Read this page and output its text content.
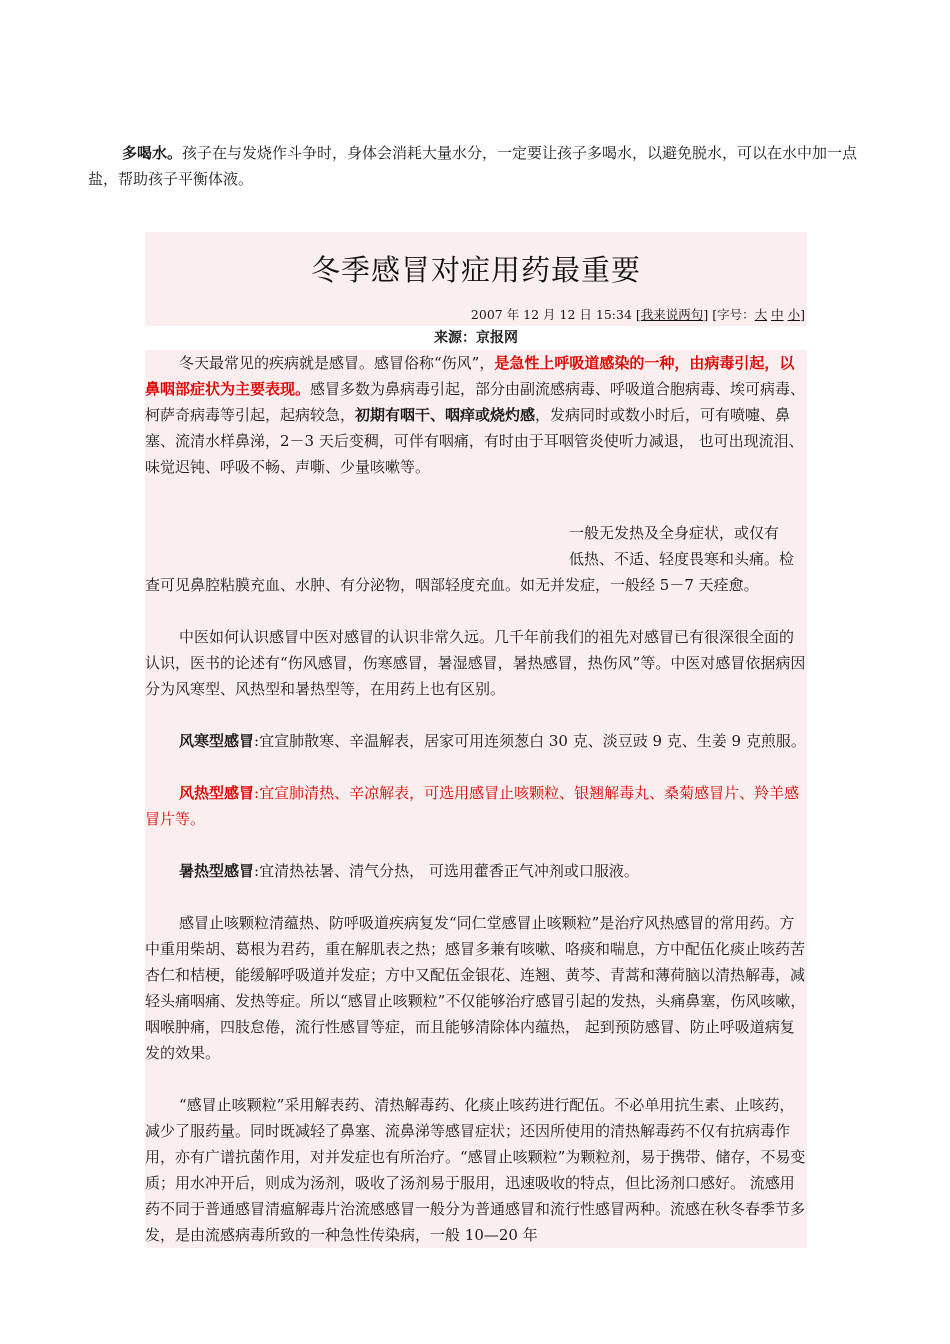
多喝水。孩子在与发烧作斗争时，身体会消耗大量水分，一定要让孩子多喝水，以避免脱水，可以在水中加一点盐，帮助孩子平衡体液。
冬季感冒对症用药最重要
2007 年 12 月 12 日 15:34 [我来说两句] [字号：大 中 小]
来源：京报网

冬天最常见的疾病就是感冒。感冒俗称“伤风”，是急性上呼吸道感染的一种，由病毒引起，以鼻咽部症状为主要表现。感冒多数为鼻病毒引起，部分由副流感病毒、呼吸道合胞病毒、埃可病毒、柯萨奇病毒等引起，起病较急，初期有咽干、咽痒或烧灼感，发病同时或数小时后，可有喷嚏、鼻塞、流清水样鼻涕，2－3 天后变稠，可伴有咽痛，有时由于耳咽管炎使听力减退， 也可出现流泪、味觉迟钝、呼吸不畅、声嘶、少量咳嗽等。

一般无发热及全身症状，或仅有

低热、不适、轻度畏寒和头痛。检

查可见鼻腔粘膜充血、水肿、有分泌物，咽部轻度充血。如无并发症，一般经 5－7 天痊愈。

中医如何认识感冒中医对感冒的认识非常久远。几千年前我们的祖先对感冒已有很深很全面的认识，医书的论述有“伤风感冒，伤寒感冒，暑湿感冒，暑热感冒，热伤风”等。中医对感冒依据病因分为风寒型、风热型和暑热型等，在用药上也有区别。

风寒型感冒:宜宣肺散寒、辛温解表，居家可用连须葱白 30 克、淡豆豉 9 克、生姜 9 克煎服。

风热型感冒:宜宣肺清热、辛凉解表，可选用感冒止咳颗粒、银翘解毒丸、桑菊感冒片、羚羊感冒片等。

暑热型感冒:宜清热祛暑、清气分热， 可选用藿香正气冲剂或口服液。

感冒止咳颗粒清蕴热、防呼吸道疾病复发“同仁堂感冒止咳颗粒”是治疗风热感冒的常用药。方中重用柴胡、葛根为君药，重在解肌表之热；感冒多兼有咳嗽、咯痰和喘息，方中配伍化痰止咳药苦杏仁和桔梗，能缓解呼吸道并发症；方中又配伍金银花、连翘、黄芩、青蒿和薄荷脑以清热解毒，减轻头痛咽痛、发热等症。所以“感冒止咳颗粒”不仅能够治疗感冒引起的发热，头痛鼻塞，伤风咳嗽，咽喉肿痛，四肢怠倦，流行性感冒等症，而且能够清除体内蕴热， 起到预防感冒、防止呼吸道病复发的效果。

“感冒止咳颗粒”采用解表药、清热解毒药、化痰止咳药进行配伍。不必单用抗生素、止咳药，减少了服药量。同时既减轻了鼻塞、流鼻涕等感冒症状；还因所使用的清热解毒药不仅有抗病毒作用，亦有广谱抗菌作用，对并发症也有所治疗。“感冒止咳颗粒”为颗粒剂，易于携带、储存，不易变质；用水冲开后，则成为汤剂，吸收了汤剂易于服用，迅速吸收的特点，但比汤剂口感好。 流感用药不同于普通感冒清瘟解毒片治流感感冒一般分为普通感冒和流行性感冒两种。流感在秋冬春季节多发，是由流感病毒所致的一种急性传染病，一般 10—20 年
